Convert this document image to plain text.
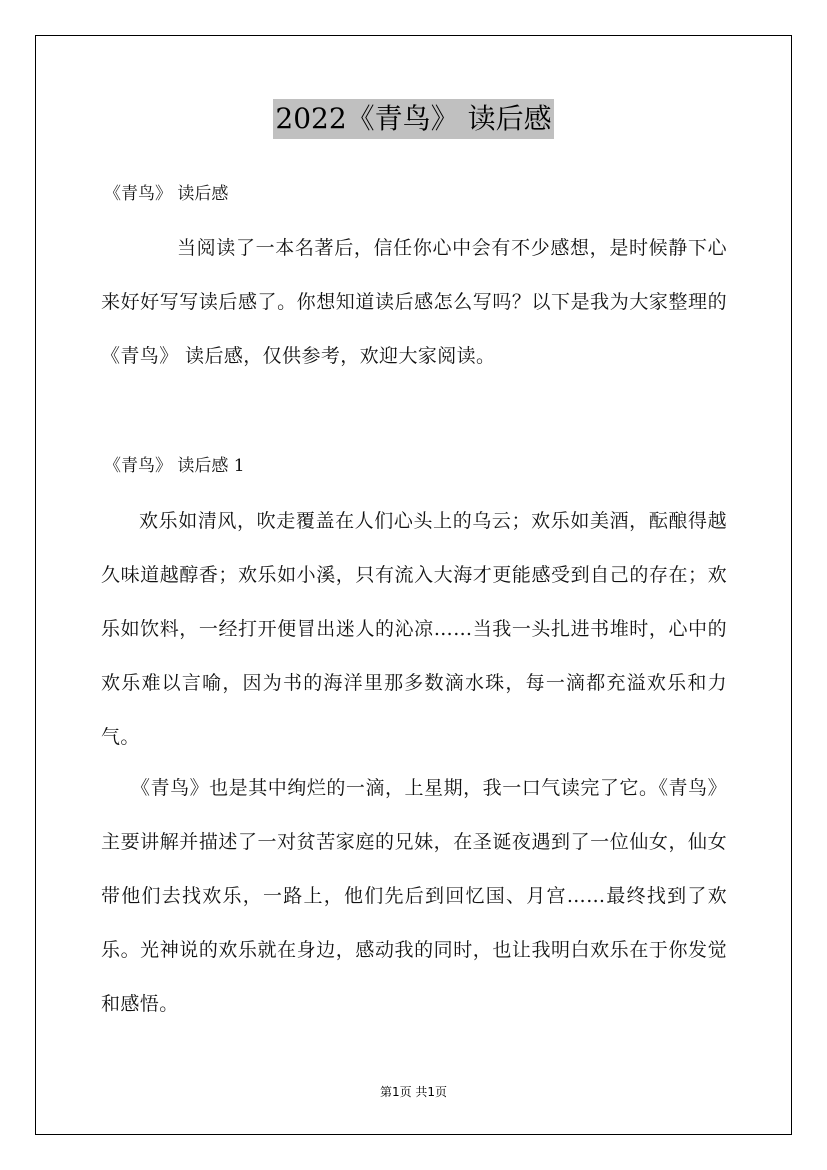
2022《青鸟》 读后感
《青鸟》 读后感

当阅读了一本名著后，信任你心中会有不少感想，是时候静下心来好好写写读后感了。你想知道读后感怎么写吗？以下是我为大家整理的《青鸟》 读后感，仅供参考，欢迎大家阅读。

《青鸟》 读后感 1

欢乐如清风，吹走覆盖在人们心头上的乌云；欢乐如美酒，酝酿得越久味道越醇香；欢乐如小溪，只有流入大海才更能感受到自己的存在；欢乐如饮料，一经打开便冒出迷人的沁凉……当我一头扎进书堆时，心中的欢乐难以言喻，因为书的海洋里那多数滴水珠，每一滴都充溢欢乐和力气。

《青鸟》也是其中绚烂的一滴，上星期，我一口气读完了它。《青鸟》主要讲解并描述了一对贫苦家庭的兄妹，在圣诞夜遇到了一位仙女，仙女带他们去找欢乐，一路上，他们先后到回忆国、月宫……最终找到了欢乐。光神说的欢乐就在身边，感动我的同时，也让我明白欢乐在于你发觉和感悟。

第1页 共1页
